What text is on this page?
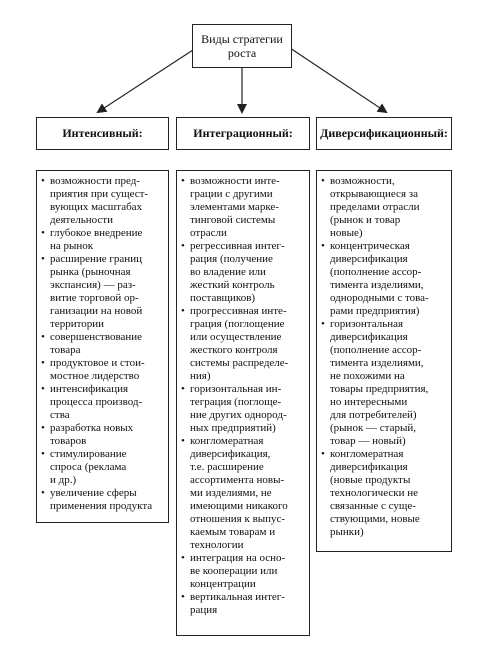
Виды стратегии
роста
Интенсивный:	Интеграционный:	Диверсификационный:
• возможности пред-
приятия при сущест-
вующих масштабах
деятельности
• глубокое внедрение
на рынок
• расширение границ
рынка (рыночная
экспансия) — раз-
витие торговой ор-
ганизации на новой
территории
• совершенствование
товара
• продуктовое и стои-
мостное лидерство
• интенсификация
процесса производ-
ства
• разработка новых
товаров
• стимулирование
спроса (реклама
и др.)
• увеличение сферы
применения продукта
• возможности инте-
грации с другими
элементами марке-
тинговой системы
отрасли
• регрессивная интег-
рация (получение
во владение или
жесткий контроль
поставщиков)
• прогрессивная инте-
грация (поглощение
или осуществление
жесткого контроля
системы распределе-
ния)
• горизонтальная ин-
теграция (поглоще-
ние других однород-
ных предприятий)
• конгломератная
диверсификация,
т.е. расширение
ассортимента новы-
ми изделиями, не
имеющими никакого
отношения к выпус-
каемым товарам и
технологии
• интеграция на осно-
ве кооперации или
концентрации
• вертикальная интег-
рация
• возможности,
открывающиеся за
пределами отрасли
(рынок и товар
новые)
• концентрическая
диверсификация
(пополнение ассор-
тимента изделиями,
однородными с това-
рами предприятия)
• горизонтальная
диверсификация
(пополнение ассор-
тимента изделиями,
не похожими на
товары предприятия,
но интересными
для потребителей)
(рынок — старый,
товар — новый)
• конгломератная
диверсификация
(новые продукты
технологически не
связанные с суще-
ствующими, новые
рынки)
